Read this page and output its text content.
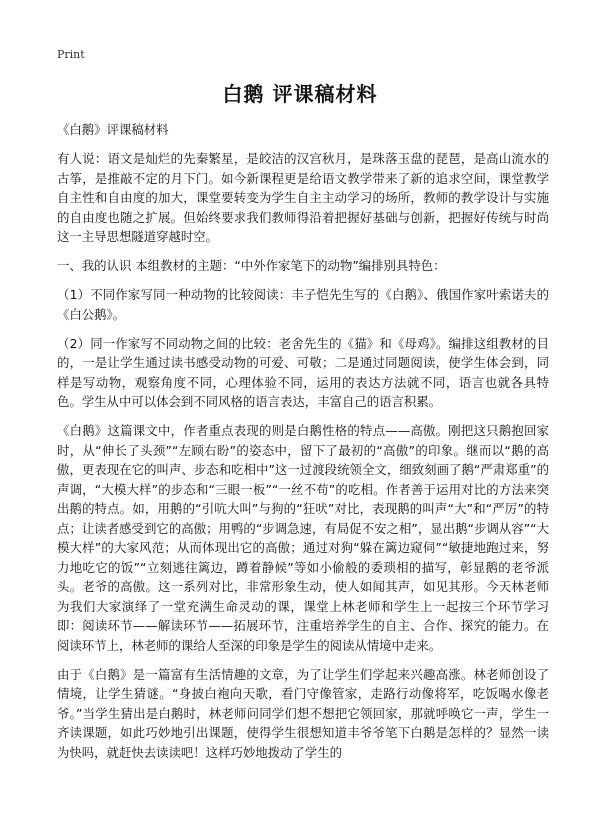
Print
白鹅 评课稿材料

《白鹅》评课稿材料

有人说：语文是灿烂的先秦繁星，是皎洁的汉宫秋月，是珠落玉盘的琵琶，是高山流水的古筝，是推敲不定的月下门。如今新课程更是给语文教学带来了新的追求空间，课堂教学自主性和自由度的加大，课堂要转变为学生自主主动学习的场所，教师的教学设计与实施的自由度也随之扩展。但始终要求我们教师得沿着把握好基础与创新，把握好传统与时尚这一主导思想隧道穿越时空。

一、我的认识 本组教材的主题：“中外作家笔下的动物”编排别具特色：

（1）不同作家写同一种动物的比较阅读：丰子恺先生写的《白鹅》、俄国作家叶索诺夫的《白公鹅》。

（2）同一作家写不同动物之间的比较：老舍先生的《猫》和《母鸡》。编排这组教材的目的，一是让学生通过读书感受动物的可爱、可敬；二是通过同题阅读，使学生体会到，同样是写动物，观察角度不同，心理体验不同，运用的表达方法就不同，语言也就各具特色。学生从中可以体会到不同风格的语言表达，丰富自己的语言积累。

《白鹅》这篇课文中，作者重点表现的则是白鹅性格的特点——高傲。刚把这只鹅抱回家时，从“伸长了头颈”“左顾右盼”的姿态中，留下了最初的“高傲”的印象。继而以“鹅的高傲，更表现在它的叫声、步态和吃相中”这一过渡段统领全文，细致刻画了鹅“严肃郑重”的声调，“大模大样”的步态和“三眼一板”“一丝不苟”的吃相。作者善于运用对比的方法来突出鹅的特点。如，用鹅的“引吭大叫”与狗的“狂吠”对比，表现鹅的叫声“大”和“严厉”的特点；让读者感受到它的高傲；用鸭的“步调急速，有局促不安之相”，显出鹅“步调从容”“大模大样”的大家风范；从而体现出它的高傲；通过对狗“躲在篱边窥伺”“敏捷地跑过来，努力地吃它的饭”“立刻逃往篱边，蹲着静候”等如小偷般的委琐相的描写，彰显鹅的老爷派头。老爷的高傲。这一系列对比，非常形象生动，使人如闻其声，如见其形。今天林老师为我们大家演绎了一堂充满生命灵动的课，课堂上林老师和学生上一起按三个环节学习即：阅读环节——解读环节——拓展环节，注重培养学生的自主、合作、探究的能力。在阅读环节上，林老师的课给人至深的印象是学生的阅读从情境中走来。

由于《白鹅》是一篇富有生活情趣的文章，为了让学生们学起来兴趣高涨。林老师创设了情境，让学生猜谜。“身披白袍向天歌，看门守像管家，走路行动像将军，吃饭喝水像老爷。”当学生猜出是白鹅时，林老师问同学们想不想把它领回家，那就呼唤它一声，学生一齐读课题，如此巧妙地引出课题，使得学生很想知道丰爷爷笔下白鹅是怎样的？显然一读为快吗，就赶快去读读吧！这样巧妙地拨动了学生的
